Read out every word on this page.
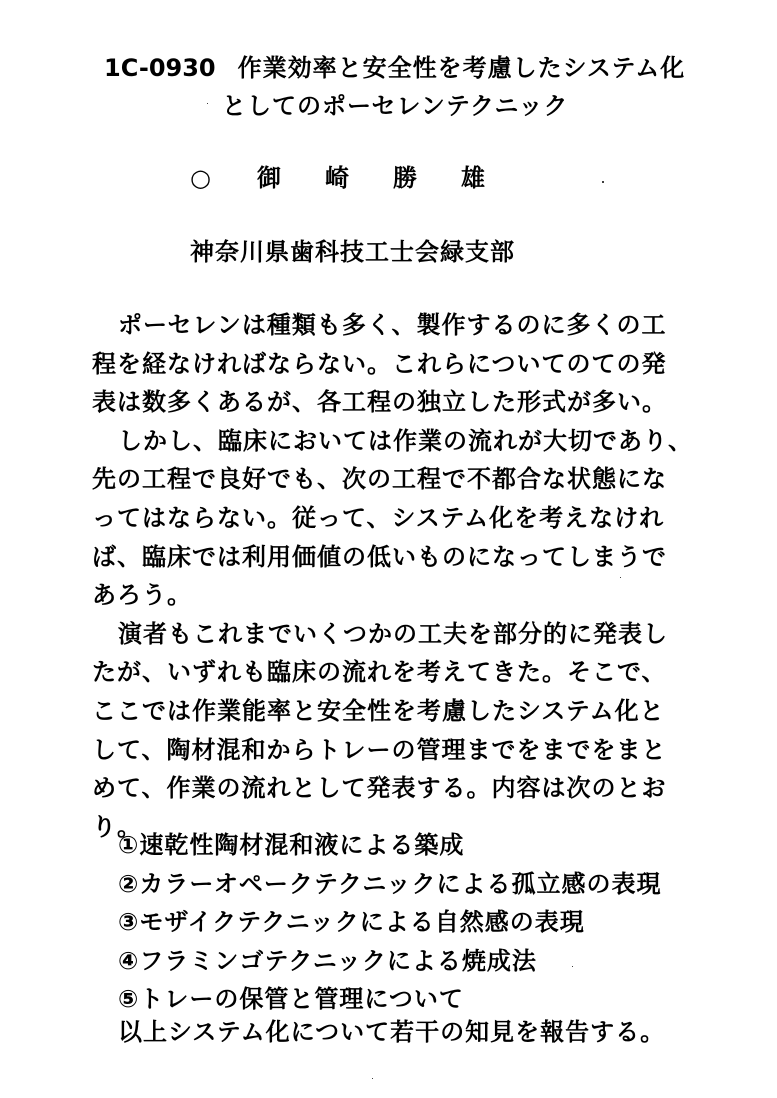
1C-0930 作業効率と安全性を考慮したシステム化
としてのポーセレンテクニック
○ 御 崎 勝 雄
神奈川県歯科技工士会緑支部
ポーセレンは種類も多く、製作するのに多くの工
程を経なければならない。これらについてのての発
表は数多くあるが、各工程の独立した形式が多い。
しかし、臨床においては作業の流れが大切であり、
先の工程で良好でも、次の工程で不都合な状態にな
ってはならない。従って、システム化を考えなけれ
ば、臨床では利用価値の低いものになってしまうで
あろう。
演者もこれまでいくつかの工夫を部分的に発表し
たが、いずれも臨床の流れを考えてきた。そこで、
ここでは作業能率と安全性を考慮したシステム化と
して、陶材混和からトレーの管理までをまでをまと
めて、作業の流れとして発表する。内容は次のとお
り。
①速乾性陶材混和液による築成
②カラーオペークテクニックによる孤立感の表現
③モザイクテクニックによる自然感の表現
④フラミンゴテクニックによる焼成法
⑤トレーの保管と管理について
以上システム化について若干の知見を報告する。
